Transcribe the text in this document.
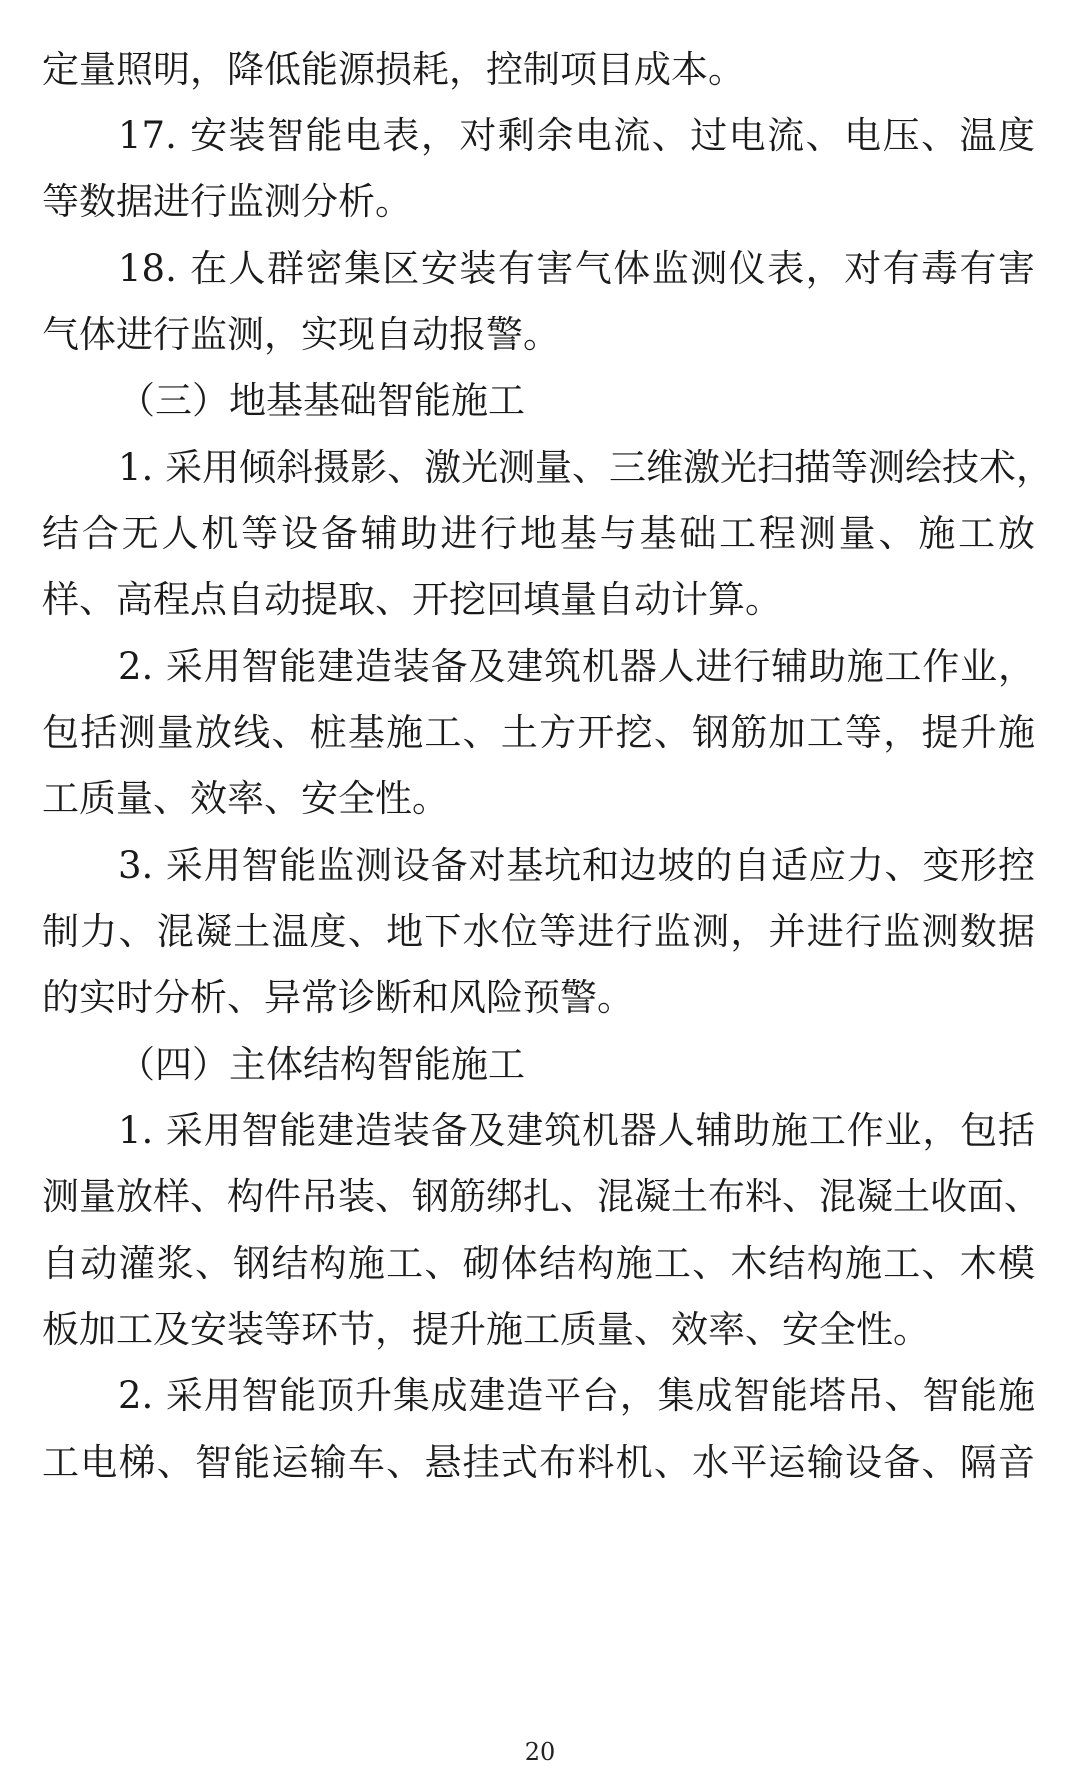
定量照明，降低能源损耗，控制项目成本。
17. 安装智能电表，对剩余电流、过电流、电压、温度
等数据进行监测分析。
18. 在人群密集区安装有害气体监测仪表，对有毒有害
气体进行监测，实现自动报警。
（三）地基基础智能施工
1. 采用倾斜摄影、激光测量、三维激光扫描等测绘技术，
结合无人机等设备辅助进行地基与基础工程测量、施工放
样、高程点自动提取、开挖回填量自动计算。
2. 采用智能建造装备及建筑机器人进行辅助施工作业，
包括测量放线、桩基施工、土方开挖、钢筋加工等，提升施
工质量、效率、安全性。
3. 采用智能监测设备对基坑和边坡的自适应力、变形控
制力、混凝土温度、地下水位等进行监测，并进行监测数据
的实时分析、异常诊断和风险预警。
（四）主体结构智能施工
1. 采用智能建造装备及建筑机器人辅助施工作业，包括
测量放样、构件吊装、钢筋绑扎、混凝土布料、混凝土收面、
自动灌浆、钢结构施工、砌体结构施工、木结构施工、木模
板加工及安装等环节，提升施工质量、效率、安全性。
2. 采用智能顶升集成建造平台，集成智能塔吊、智能施
工电梯、智能运输车、悬挂式布料机、水平运输设备、隔音
20
